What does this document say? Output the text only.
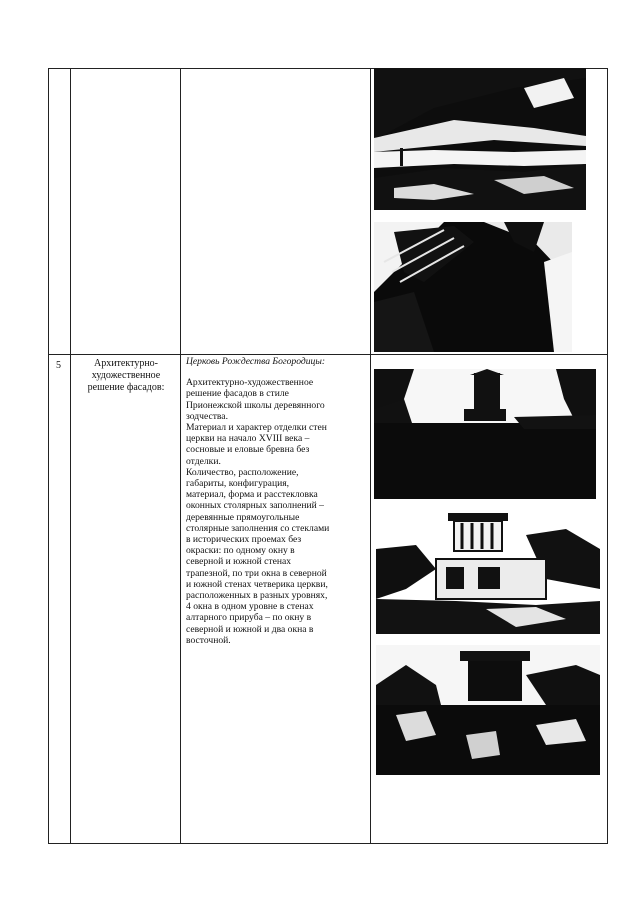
5	Архитектурно-
художественное
решение фасадов:

Церковь Рождества Богородицы:

Архитектурно-художественное
решение фасадов в стиле
Прионежской школы деревянного
зодчества.
Материал и характер отделки стен
церкви на начало XVIII века –
сосновые и еловые бревна без
отделки.
Количество, расположение,
габариты, конфигурация,
материал, форма и расстекловка
оконных столярных заполнений –
деревянные прямоугольные
столярные заполнения со стеклами
в исторических проемах без
окраски: по одному окну в
северной и южной стенах
трапезной, по три окна в северной
и южной стенах четверика церкви,
расположенных в разных уровнях,
4 окна в одном уровне в стенах
алтарного прируба – по окну в
северной и южной и два окна в
восточной.
